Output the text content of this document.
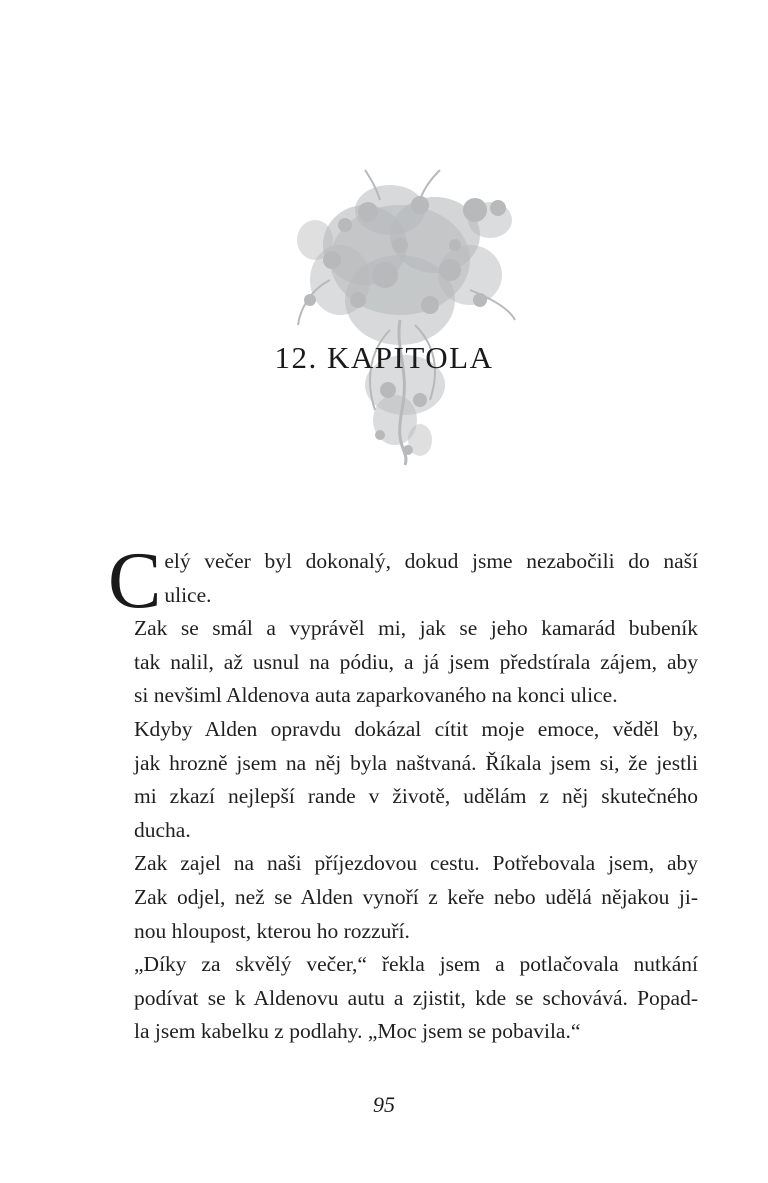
12. KAPITOLA

C elý večer byl dokonalý, dokud jsme nezabočili do naší
ulice.

Zak se smál a vyprávěl mi, jak se jeho kamarád bubeník
tak nalil, až usnul na pódiu, a já jsem předstírala zájem, aby
si nevšiml Aldenova auta zaparkovaného na konci ulice.

Kdyby Alden opravdu dokázal cítit moje emoce, věděl by,
jak hrozně jsem na něj byla naštvaná. Říkala jsem si, že jestli
mi zkazí nejlepší rande v životě, udělám z něj skutečného
ducha.

Zak zajel na naši příjezdovou cestu. Potřebovala jsem, aby
Zak odjel, než se Alden vynoří z keře nebo udělá nějakou ji-
nou hloupost, kterou ho rozzuří.

„Díky za skvělý večer,“ řekla jsem a potlačovala nutkání
podívat se k Aldenovu autu a zjistit, kde se schovává. Popad-
la jsem kabelku z podlahy. „Moc jsem se pobavila.“

95
